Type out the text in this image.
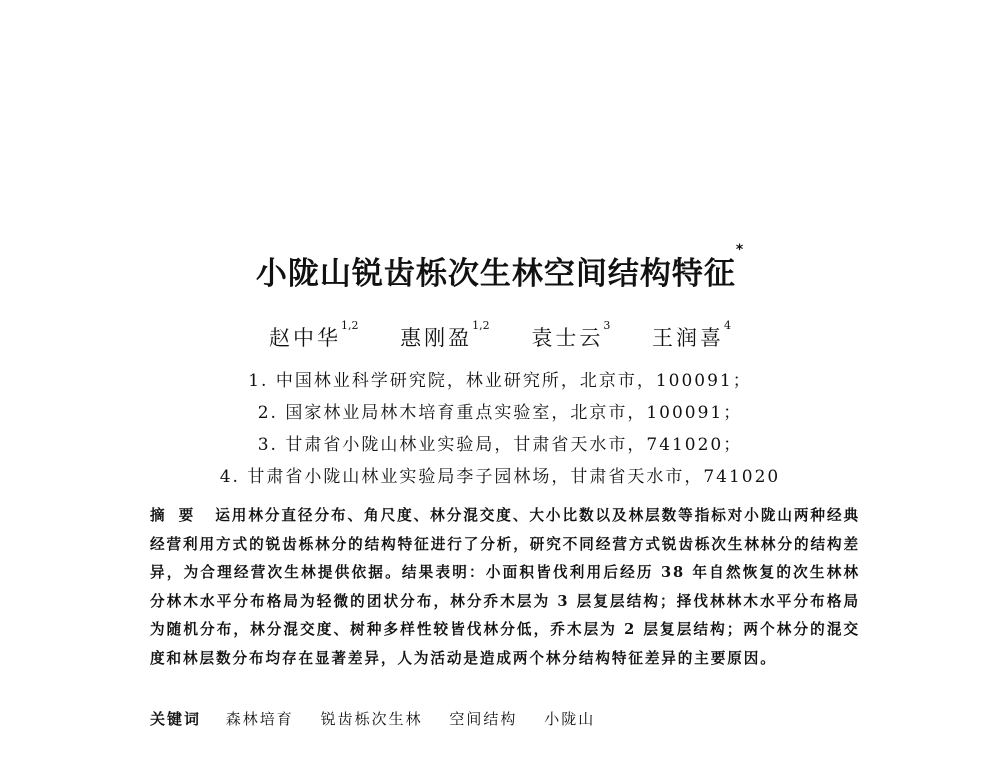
小陇山锐齿栎次生林空间结构特征*
赵中华$^{1,2}$ 惠刚盈$^{1,2}$ 袁士云$^3$ 王润喜$^4$
1. 中国林业科学研究院，林业研究所，北京市，100091；
2. 国家林业局林木培育重点实验室，北京市，100091；
3. 甘肃省小陇山林业实验局，甘肃省天水市，741020；
4. 甘肃省小陇山林业实验局李子园林场，甘肃省天水市，741020
摘要 运用林分直径分布、角尺度、林分混交度、大小比数以及林层数等指标对小陇山两种经典经营利用方式的锐齿栎林分的结构特征进行了分析，研究不同经营方式锐齿栎次生林林分的结构差异，为合理经营次生林提供依据。结果表明：小面积皆伐利用后经历 38 年自然恢复的次生林林分林木水平分布格局为轻微的团状分布，林分乔木层为 3 层复层结构；择伐林林木水平分布格局为随机分布，林分混交度、树种多样性较皆伐林分低，乔木层为 2 层复层结构；两个林分的混交度和林层数分布均存在显著差异，人为活动是造成两个林分结构特征差异的主要原因。
关键词 森林培育 锐齿栎次生林 空间结构 小陇山
